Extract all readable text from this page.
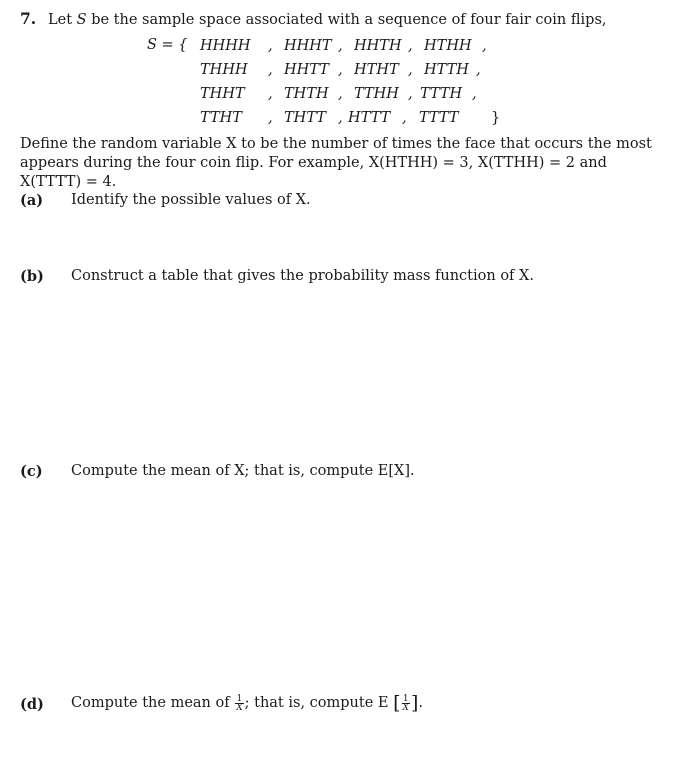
7. Let S be the sample space associated with a sequence of four fair coin flips,
S = { HHHH , HHHT , HHTH , HTHH ,
THHH , HHTT , HTHT , HTTH ,
THHT , THTH , TTHH , TTTH ,
TTHT , THTT , HTTT , TTTT }
Define the random variable X to be the number of times the face that occurs the most
appears during the four coin flip. For example, X(HTHH) = 3, X(TTHH) = 2 and
X(TTTT) = 4.
(a) Identify the possible values of X.
(b) Construct a table that gives the probability mass function of X.
(c) Compute the mean of X; that is, compute E[X].
(d) Compute the mean of $\frac{1}{X}$ ; that is, compute E [ $\frac{1}{X}$ ].
